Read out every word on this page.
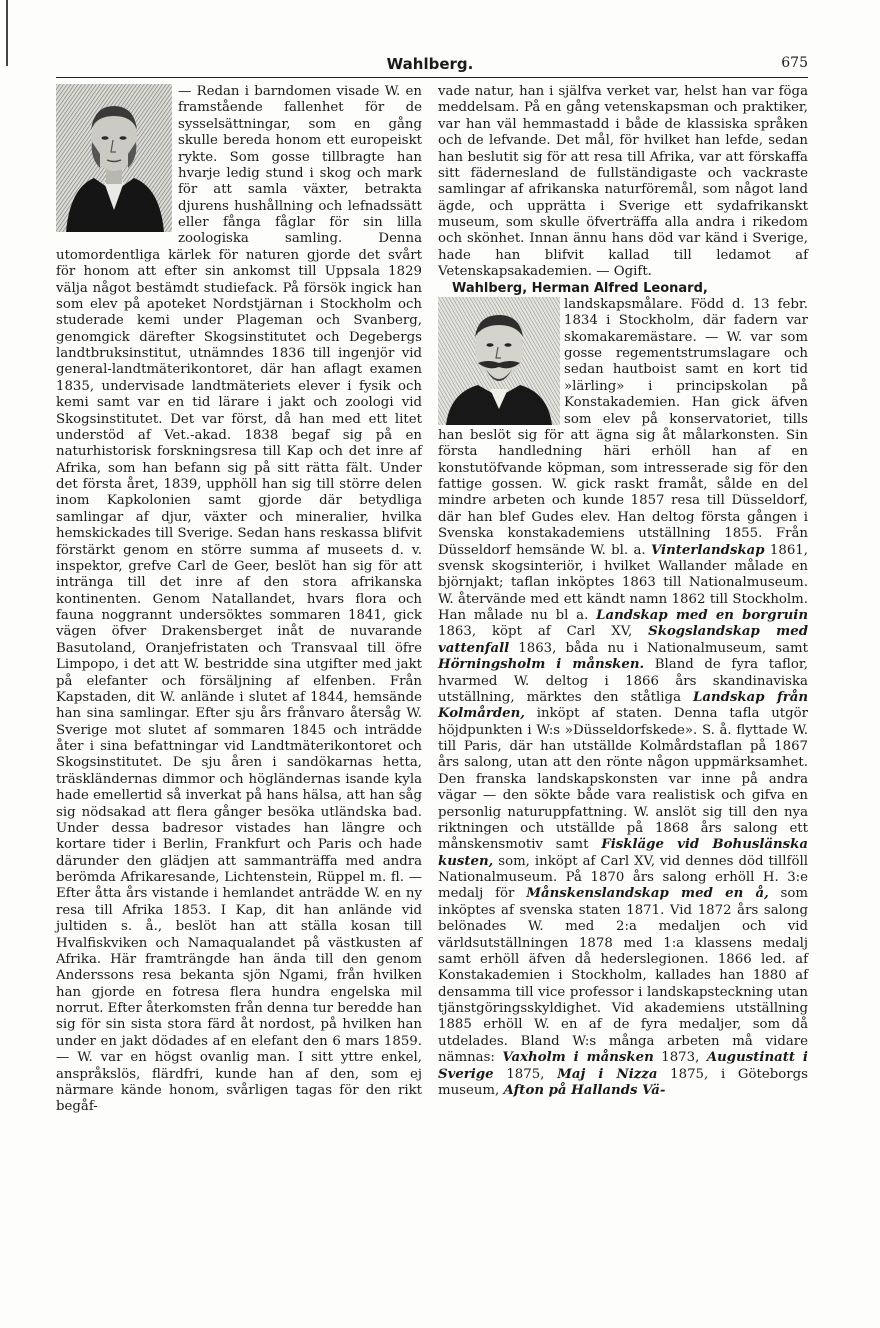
Wahlberg.	675

— Redan i barndomen visade W. en framstående fallenhet för de sysselsättningar, som en gång skulle bereda honom ett europeiskt rykte. Som gosse tillbragte han hvarje ledig stund i skog och mark för att samla växter, betrakta djurens hushållning och lefnadssätt eller fånga fåglar för sin lilla zoologiska samling. Denna utomordentliga kärlek för naturen gjorde det svårt för honom att efter sin ankomst till Uppsala 1829 välja något bestämdt studiefack. På försök ingick han som elev på apoteket Nordstjärnan i Stockholm och studerade kemi under Plageman och Svanberg, genomgick därefter Skogsinstitutet och Degebergs landtbruksinstitut, utnämndes 1836 till ingenjör vid general-landtmäterikontoret, där han aflagt examen 1835, undervisade landtmäteriets elever i fysik och kemi samt var en tid lärare i jakt och zoologi vid Skogsinstitutet. Det var först, då han med ett litet understöd af Vet.-akad. 1838 begaf sig på en naturhistorisk forskningsresa till Kap och det inre af Afrika, som han befann sig på sitt rätta fält. Under det första året, 1839, upphöll han sig till större delen inom Kapkolonien samt gjorde där betydliga samlingar af djur, växter och mineralier, hvilka hemskickades till Sverige. Sedan hans reskassa blifvit förstärkt genom en större summa af museets d. v. inspektor, grefve Carl de Geer, beslöt han sig för att intränga till det inre af den stora afrikanska kontinenten. Genom Natallandet, hvars flora och fauna noggrannt undersöktes sommaren 1841, gick vägen öfver Drakensberget inåt de nuvarande Basutoland, Oranjefristaten och Transvaal till öfre Limpopo, i det att W. bestridde sina utgifter med jakt på elefanter och försäljning af elfenben. Från Kapstaden, dit W. anlände i slutet af 1844, hemsände han sina samlingar. Efter sju års frånvaro återsåg W. Sverige mot slutet af sommaren 1845 och inträdde åter i sina befattningar vid Landtmäterikontoret och Skogsinstitutet. De sju åren i sandökarnas hetta, träskländernas dimmor och högländernas isande kyla hade emellertid så inverkat på hans hälsa, att han såg sig nödsakad att flera gånger besöka utländska bad. Under dessa badresor vistades han längre och kortare tider i Berlin, Frankfurt och Paris och hade därunder den glädjen att sammanträffa med andra berömda Afrikaresande, Lichtenstein, Rüppel m. fl. — Efter åtta års vistande i hemlandet anträdde W. en ny resa till Afrika 1853. I Kap, dit han anlände vid jultiden s. å., beslöt han att ställa kosan till Hvalfiskviken och Namaqualandet på västkusten af Afrika. Här framträngde han ända till den genom Anderssons resa bekanta sjön Ngami, från hvilken han gjorde en fotresa flera hundra engelska mil norrut. Efter återkomsten från denna tur beredde han sig för sin sista stora färd åt nordost, på hvilken han under en jakt dödades af en elefant den 6 mars 1859. — W. var en högst ovanlig man. I sitt yttre enkel, anspråkslös, flärdfri, kunde han af den, som ej närmare kände honom, svårligen tagas för den rikt begåf-

vade natur, han i själfva verket var, helst han var föga meddelsam. På en gång vetenskapsman och praktiker, var han väl hemmastadd i både de klassiska språken och de lefvande. Det mål, för hvilket han lefde, sedan han beslutit sig för att resa till Afrika, var att förskaffa sitt fädernesland de fullständigaste och vackraste samlingar af afrikanska naturföremål, som något land ägde, och upprätta i Sverige ett sydafrikanskt museum, som skulle öfverträffa alla andra i rikedom och skönhet. Innan ännu hans död var känd i Sverige, hade han blifvit kallad till ledamot af Vetenskapsakademien. — Ogift.

Wahlberg, Herman Alfred Leonard,

landskapsmålare. Född d. 13 febr. 1834 i Stockholm, där fadern var skomakaremästare. — W. var som gosse regementstrumslagare och sedan hautboist samt en kort tid »lärling» i principskolan på Konstakademien. Han gick äfven som elev på konservatoriet, tills han beslöt sig för att ägna sig åt målarkonsten. Sin första handledning häri erhöll han af en konstutöfvande köpman, som intresserade sig för den fattige gossen. W. gick raskt framåt, sålde en del mindre arbeten och kunde 1857 resa till Düsseldorf, där han blef Gudes elev. Han deltog första gången i Svenska konstakademiens utställning 1855. Från Düsseldorf hemsände W. bl. a. Vinterlandskap 1861, svensk skogsinteriör, i hvilket Wallander målade en björnjakt; taflan inköptes 1863 till Nationalmuseum. W. återvände med ett kändt namn 1862 till Stockholm. Han målade nu bl a. Landskap med en borgruin 1863, köpt af Carl XV, Skogslandskap med vattenfall 1863, båda nu i Nationalmuseum, samt Hörningsholm i månsken. Bland de fyra taflor, hvarmed W. deltog i 1866 års skandinaviska utställning, märktes den ståtliga Landskap från Kolmården, inköpt af staten. Denna tafla utgör höjdpunkten i W:s »Düsseldorfskede». S. å. flyttade W. till Paris, där han utställde Kolmårdstaflan på 1867 års salong, utan att den rönte någon uppmärksamhet. Den franska landskapskonsten var inne på andra vägar — den sökte både vara realistisk och gifva en personlig naturuppfattning. W. anslöt sig till den nya riktningen och utställde på 1868 års salong ett månskensmotiv samt Fiskläge vid Bohuslänska kusten, som, inköpt af Carl XV, vid dennes död tillföll Nationalmuseum. På 1870 års salong erhöll H. 3:e medalj för Månskenslandskap med en å, som inköptes af svenska staten 1871. Vid 1872 års salong belönades W. med 2:a medaljen och vid världsutställningen 1878 med 1:a klassens medalj samt erhöll äfven då hederslegionen. 1866 led. af Konstakademien i Stockholm, kallades han 1880 af densamma till vice professor i landskapsteckning utan tjänstgöringsskyldighet. Vid akademiens utställning 1885 erhöll W. en af de fyra medaljer, som då utdelades. Bland W:s många arbeten må vidare nämnas: Vaxholm i månsken 1873, Augustinatt i Sverige 1875, Maj i Nizza 1875, i Göteborgs museum, Afton på Hallands Vä-
